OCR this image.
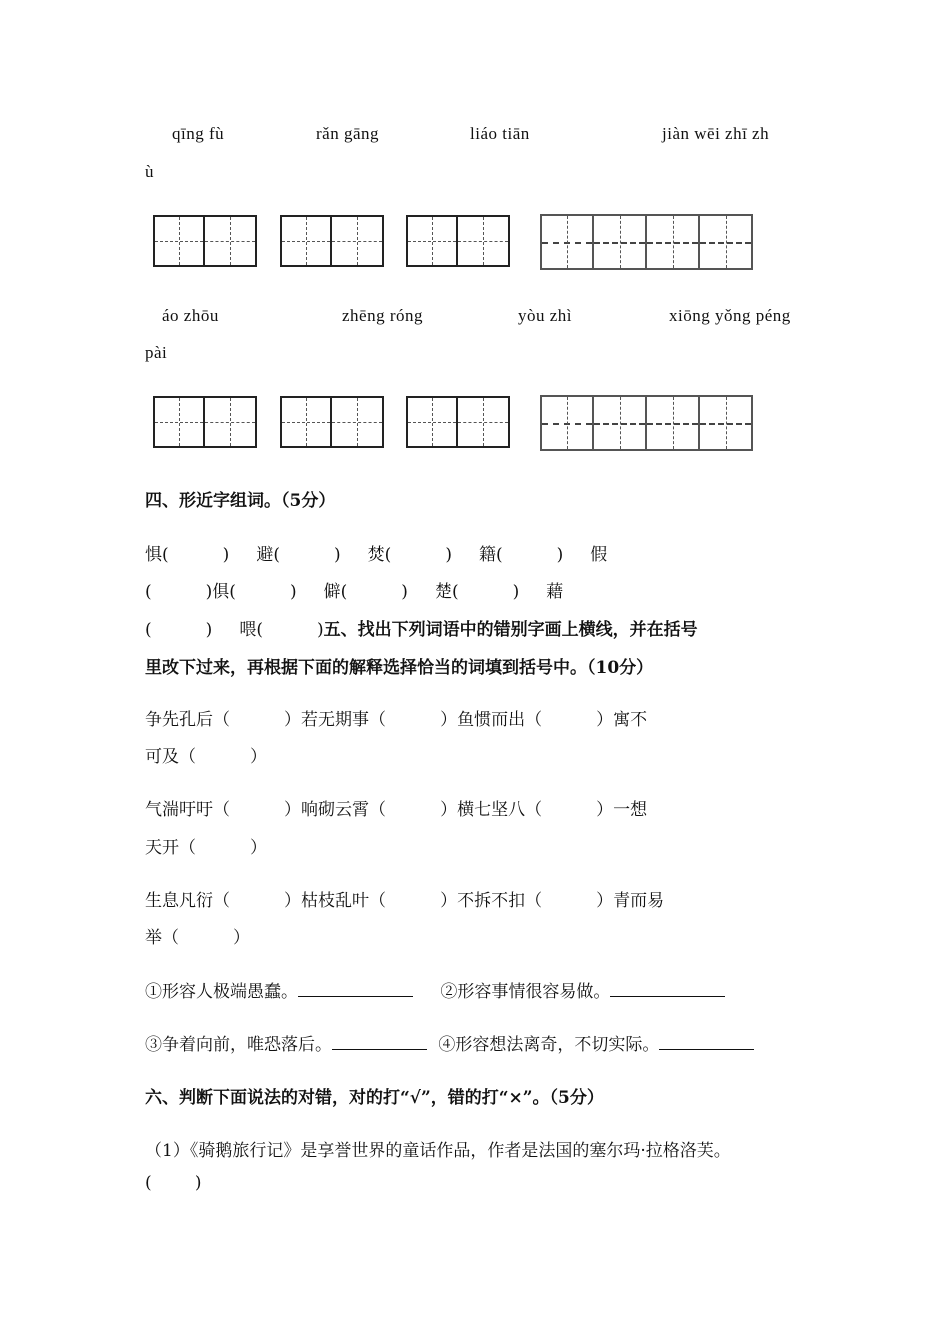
qīng fù	rǎn gāng	liáo tiān	jiàn wēi zhī zh
ù
áo zhōu	zhēng róng	yòu zhì	xiōng yǒng péng
pài
四、形近字组词。（5分）
惧(          )     避(          )     焚(          )     籍(          )     假
(          )俱(          )     僻(          )     楚(          )     藉
(          )     喂(          )五、找出下列词语中的错别字画上横线，并在括号
里改下过来，再根据下面的解释选择恰当的词填到括号中。（10分）
争先孔后（          ）若无期事（          ）鱼惯而出（          ）寓不
可及（          ）
气湍吁吁（          ）响砌云霄（          ）横七坚八（          ）一想
天开（          ）
生息凡衍（          ）枯枝乱叶（          ）不拆不扣（          ）青而易
举（          ）
①形容人极端愚蠢。	②形容事情很容易做。
③争着向前，唯恐落后。	④形容想法离奇，不切实际。
六、判断下面说法的对错，对的打“√”，错的打“×”。（5分）
（1）《骑鹅旅行记》是享誉世界的童话作品，作者是法国的塞尔玛·拉格洛芙。
(        )
